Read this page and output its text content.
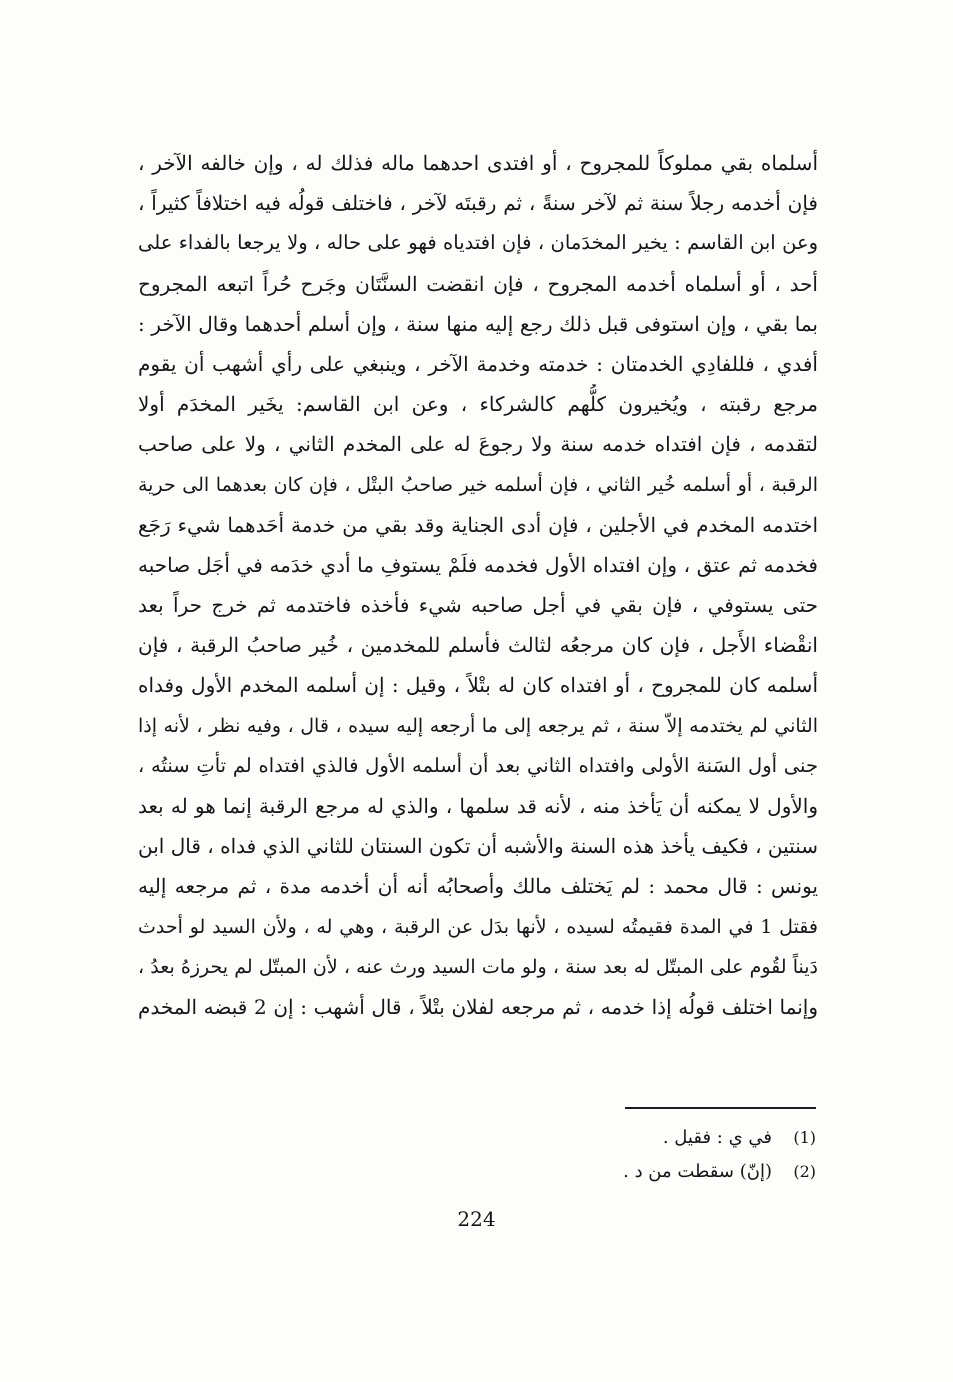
أسلماه بقي مملوكاً للمجروح ، أو افتدى احدهما ماله فذلك له ، وإن خالفه الآخر ،
فإن أخدمه رجلاً سنة ثم لآخر سنةً ، ثم رقبتَه لآخر ، فاختلف قولُه فيه اختلافاً كثيراً ،
وعن ابن القاسم : يخير المخدَمان ، فإن افتدياه فهو على حاله ، ولا يرجعا بالفداء على
أحد ، أو أسلماه أخدمه المجروح ، فإن انقضت السنَّتَان وجَرح حُراً اتبعه المجروح
بما بقي ، وإن استوفى قبل ذلك رجع إليه منها سنة ، وإن أسلم أحدهما وقال الآخر :
أفدي ، فللفادِي الخدمتان : خدمته وخدمة الآخر ، وينبغي على رأي أشهب أن يقوم
مرجع رقبته ، ويُخيرون كلُّهم كالشركاء ، وعن ابن القاسم: يخَير المخدَم أولا
لتقدمه ، فإن افتداه خدمه سنة ولا رجوعَ له على المخدم الثاني ، ولا على صاحب
الرقبة ، أو أسلمه خُير الثاني ، فإن أسلمه خير صاحبُ البتْل ، فإن كان بعدهما الى حرية
اختدمه المخدم في الأجلين ، فإن أدى الجناية وقد بقي من خدمة أحَدهما شيء رَجَع
فخدمه ثم عتق ، وإن افتداه الأول فخدمه فلَمْ يستوفِ ما أدي خدَمه في أجَل صاحبه
حتى يستوفي ، فإن بقي في أجل صاحبه شيء فأخذه فاختدمه ثم خرج حراً بعد
انقْضاء الأَجل ، فإن كان مرجعُه لثالث فأسلم للمخدمين ، خُير صاحبُ الرقبة ، فإن
أسلمه كان للمجروح ، أو افتداه كان له بتْلاً ، وقيل : إن أسلمه المخدم الأول وفداه
الثاني لم يختدمه إلاّ سنة ، ثم يرجعه إلى ما أرجعه إليه سيده ، قال ، وفيه نظر ، لأنه إذا
جنى أول السَنة الأولى وافتداه الثاني بعد أن أسلمه الأول فالذي افتداه لم تأتِ سنتُه ،
والأول لا يمكنه أن يَأخذ منه ، لأنه قد سلمها ، والذي له مرجع الرقبة إنما هو له بعد
سنتين ، فكيف يأخذ هذه السنة والأشبه أن تكون السنتان للثاني الذي فداه ، قال ابن
يونس : قال محمد : لم يَختلف مالك وأصحابُه أنه أن أخدمه مدة ، ثم مرجعه إليه
فقتل 1 في المدة فقيمتُه لسيده ، لأنها بدَل عن الرقبة ، وهي له ، ولأن السيد لو أحدث
دَيناً لقُوم على المبتّل له بعد سنة ، ولو مات السيد ورث عنه ، لأن المبتّل لم يحرزهُ بعدُ ،
وإنما اختلف قولُه إذا خدمه ، ثم مرجعه لفلان بتْلاً ، قال أشهب : إن 2 قبضه المخدم
(1)
في ي : فقيل .
(2)
(إنّ) سقطت من د .
224
